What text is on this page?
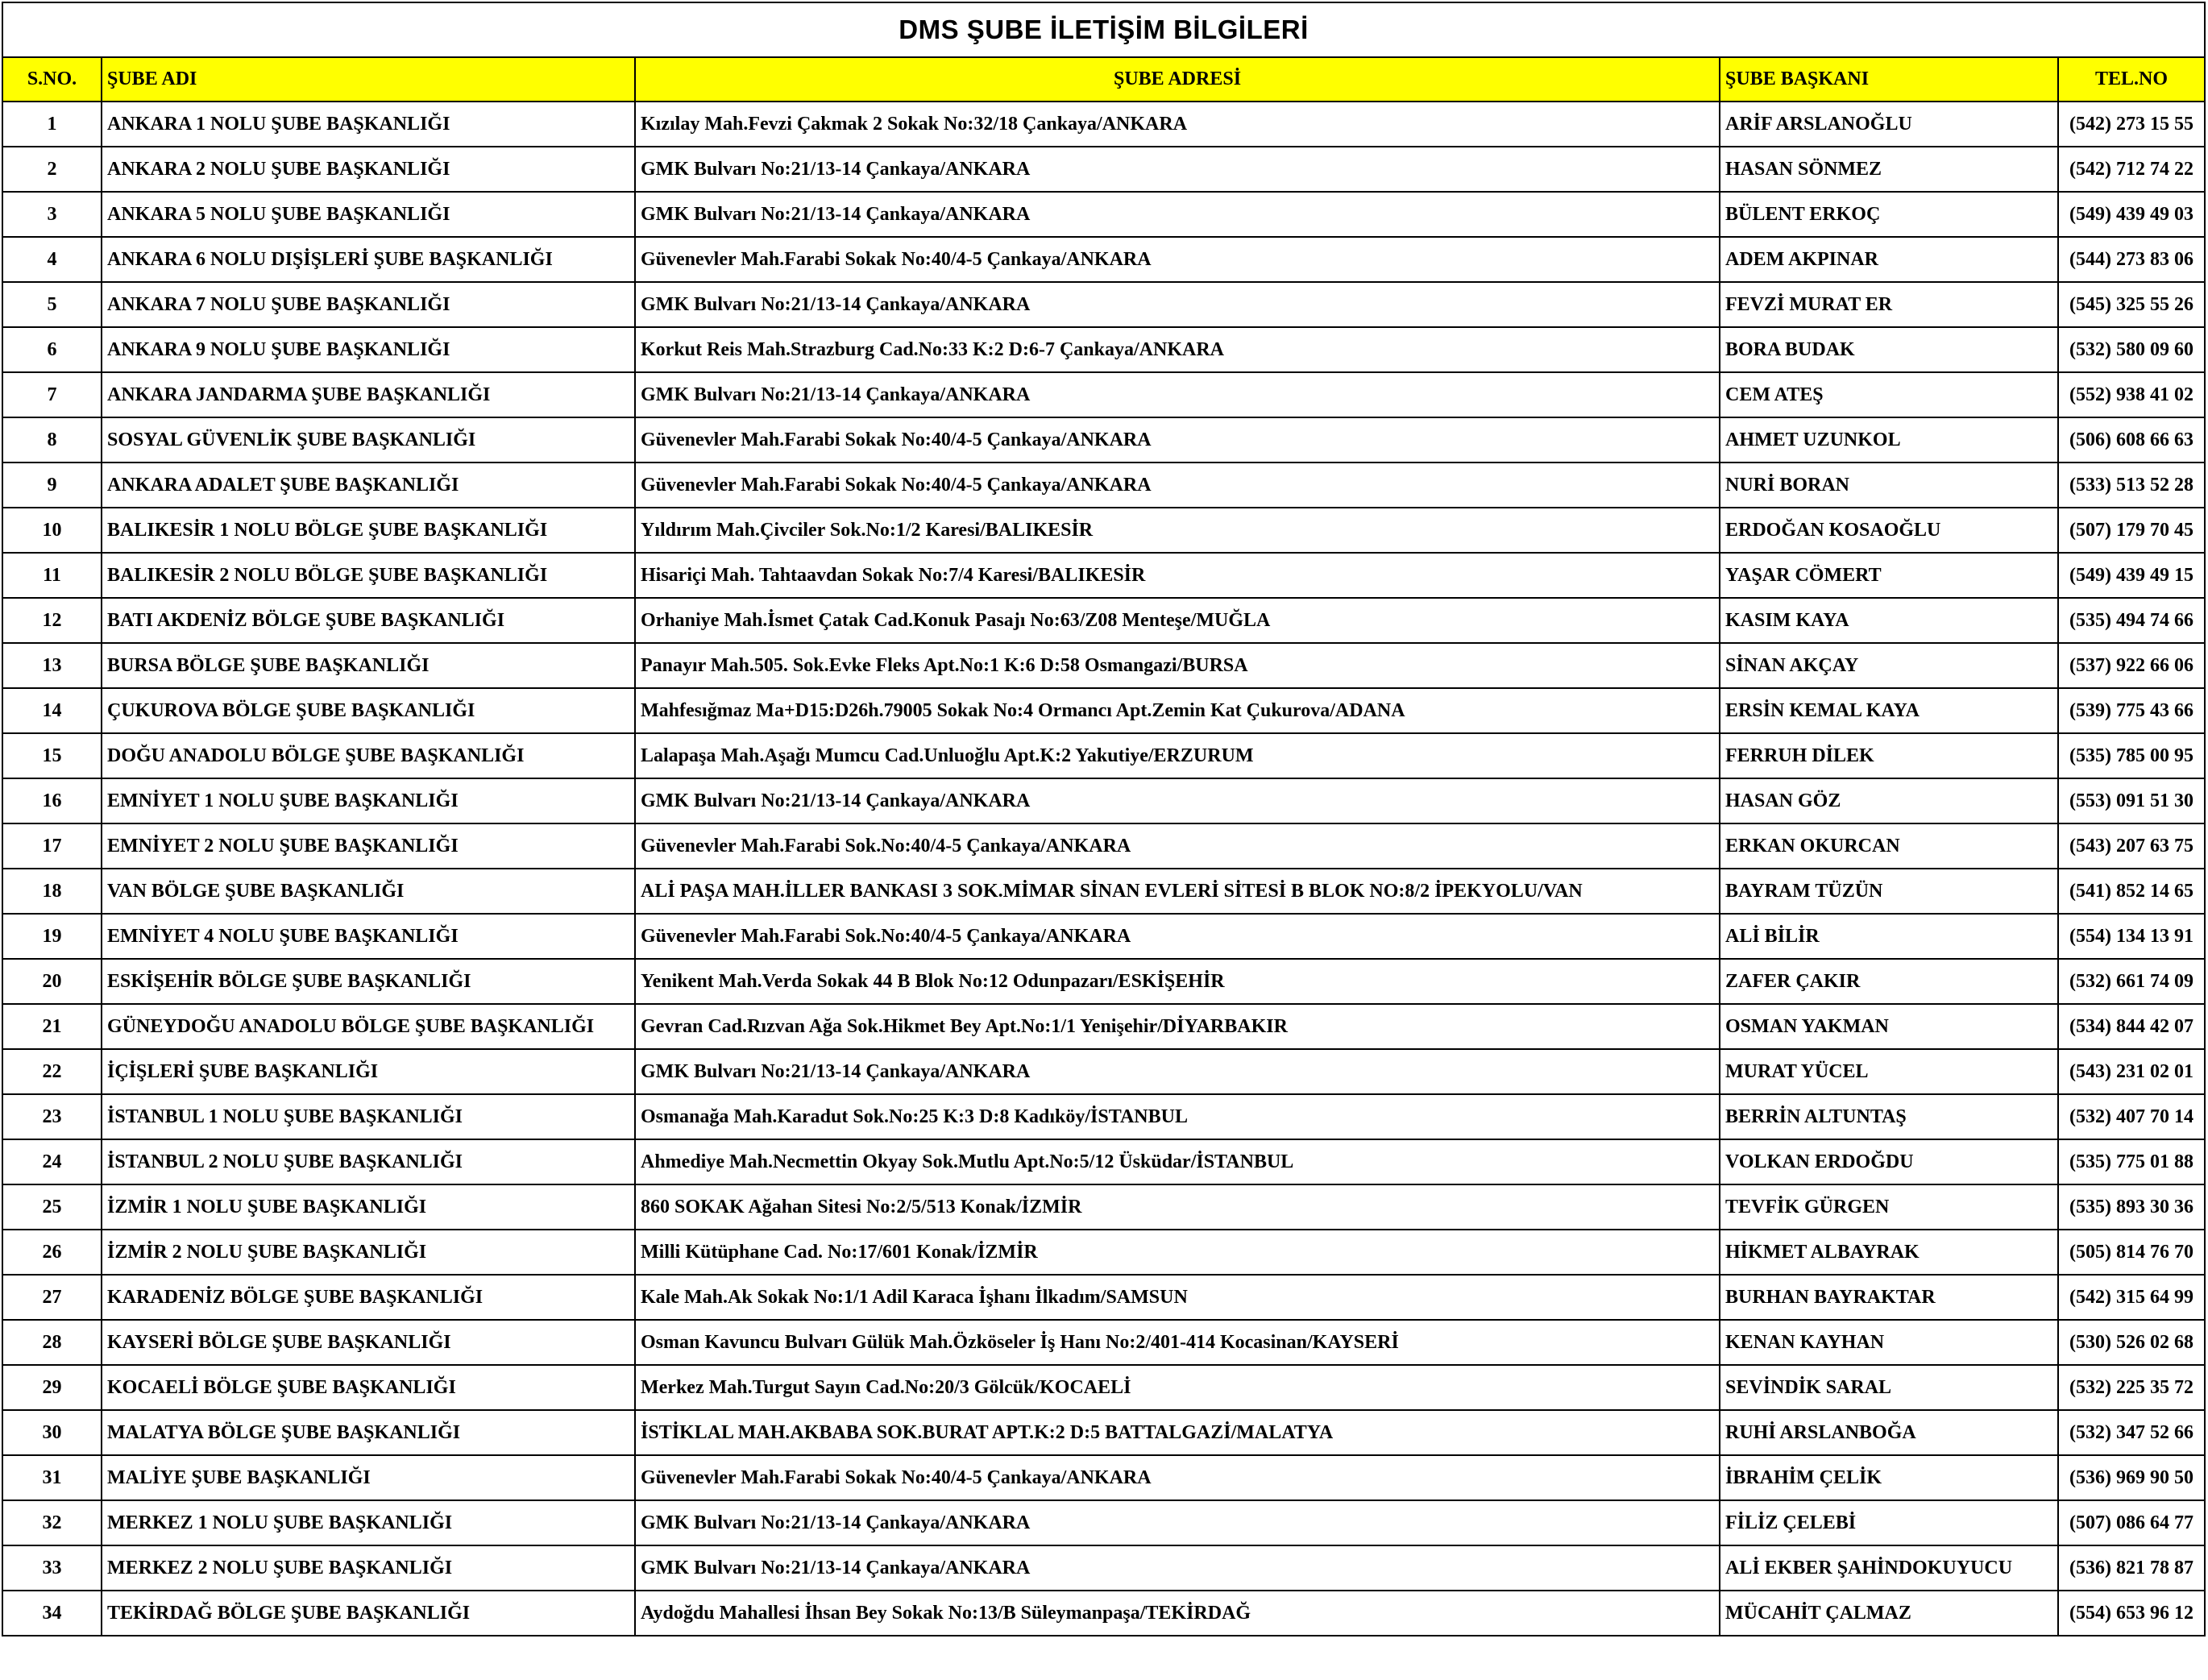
DMS ŞUBE İLETİŞİM BİLGİLERİ				
S.NO.	ŞUBE ADI	ŞUBE ADRESİ	ŞUBE BAŞKANI	TEL.NO
1	ANKARA 1 NOLU ŞUBE BAŞKANLIĞI	Kızılay Mah.Fevzi Çakmak 2 Sokak No:32/18 Çankaya/ANKARA	ARİF ARSLANOĞLU	(542) 273 15 55
2	ANKARA 2 NOLU ŞUBE BAŞKANLIĞI	GMK Bulvarı No:21/13-14 Çankaya/ANKARA	HASAN SÖNMEZ	(542) 712 74 22
3	ANKARA 5 NOLU ŞUBE BAŞKANLIĞI	GMK Bulvarı No:21/13-14 Çankaya/ANKARA	BÜLENT ERKOÇ	(549) 439 49 03
4	ANKARA 6 NOLU DIŞİŞLERİ ŞUBE BAŞKANLIĞI	Güvenevler Mah.Farabi Sokak No:40/4-5 Çankaya/ANKARA	ADEM AKPINAR	(544) 273 83 06
5	ANKARA 7 NOLU ŞUBE BAŞKANLIĞI	GMK Bulvarı No:21/13-14 Çankaya/ANKARA	FEVZİ MURAT ER	(545) 325 55 26
6	ANKARA 9 NOLU ŞUBE BAŞKANLIĞI	Korkut Reis Mah.Strazburg Cad.No:33 K:2 D:6-7 Çankaya/ANKARA	BORA BUDAK	(532) 580 09 60
7	ANKARA JANDARMA ŞUBE BAŞKANLIĞI	GMK Bulvarı No:21/13-14 Çankaya/ANKARA	CEM ATEŞ	(552) 938 41 02
8	SOSYAL GÜVENLİK ŞUBE BAŞKANLIĞI	Güvenevler Mah.Farabi Sokak No:40/4-5 Çankaya/ANKARA	AHMET UZUNKOL	(506) 608 66 63
9	ANKARA ADALET ŞUBE BAŞKANLIĞI	Güvenevler Mah.Farabi Sokak No:40/4-5 Çankaya/ANKARA	NURİ BORAN	(533) 513 52 28
10	BALIKESİR 1 NOLU BÖLGE ŞUBE BAŞKANLIĞI	Yıldırım Mah.Çivciler Sok.No:1/2 Karesi/BALIKESİR	ERDOĞAN KOSAOĞLU	(507) 179 70 45
11	BALIKESİR 2 NOLU BÖLGE ŞUBE BAŞKANLIĞI	Hisariçi Mah. Tahtaavdan Sokak No:7/4 Karesi/BALIKESİR	YAŞAR CÖMERT	(549) 439 49 15
12	BATI AKDENİZ BÖLGE ŞUBE BAŞKANLIĞI	Orhaniye Mah.İsmet Çatak Cad.Konuk Pasajı No:63/Z08 Menteşe/MUĞLA	KASIM KAYA	(535) 494 74 66
13	BURSA BÖLGE ŞUBE BAŞKANLIĞI	Panayır Mah.505. Sok.Evke Fleks Apt.No:1 K:6 D:58 Osmangazi/BURSA	SİNAN AKÇAY	(537) 922 66 06
14	ÇUKUROVA BÖLGE ŞUBE BAŞKANLIĞI	Mahfesığmaz Ma+D15:D26h.79005 Sokak No:4 Ormancı Apt.Zemin Kat Çukurova/ADANA	ERSİN KEMAL KAYA	(539) 775 43 66
15	DOĞU ANADOLU BÖLGE ŞUBE BAŞKANLIĞI	Lalapaşa Mah.Aşağı Mumcu Cad.Unluoğlu Apt.K:2 Yakutiye/ERZURUM	FERRUH DİLEK	(535) 785 00 95
16	EMNİYET 1 NOLU ŞUBE BAŞKANLIĞI	GMK Bulvarı No:21/13-14 Çankaya/ANKARA	HASAN GÖZ	(553) 091 51 30
17	EMNİYET 2 NOLU ŞUBE BAŞKANLIĞI	Güvenevler Mah.Farabi Sok.No:40/4-5 Çankaya/ANKARA	ERKAN OKURCAN	(543) 207 63 75
18	VAN BÖLGE ŞUBE BAŞKANLIĞI	ALİ PAŞA MAH.İLLER BANKASI 3 SOK.MİMAR SİNAN EVLERİ SİTESİ B BLOK NO:8/2 İPEKYOLU/VAN	BAYRAM TÜZÜN	(541) 852 14 65
19	EMNİYET 4 NOLU ŞUBE BAŞKANLIĞI	Güvenevler Mah.Farabi Sok.No:40/4-5 Çankaya/ANKARA	ALİ BİLİR	(554) 134 13 91
20	ESKİŞEHİR BÖLGE ŞUBE BAŞKANLIĞI	Yenikent Mah.Verda Sokak 44 B Blok No:12 Odunpazarı/ESKİŞEHİR	ZAFER ÇAKIR	(532) 661 74 09
21	GÜNEYDOĞU ANADOLU BÖLGE ŞUBE BAŞKANLIĞI	Gevran Cad.Rızvan Ağa Sok.Hikmet Bey Apt.No:1/1 Yenişehir/DİYARBAKIR	OSMAN YAKMAN	(534) 844 42 07
22	İÇİŞLERİ ŞUBE BAŞKANLIĞI	GMK Bulvarı No:21/13-14 Çankaya/ANKARA	MURAT YÜCEL	(543) 231 02 01
23	İSTANBUL 1 NOLU ŞUBE BAŞKANLIĞI	Osmanağa Mah.Karadut Sok.No:25 K:3 D:8 Kadıköy/İSTANBUL	BERRİN ALTUNTAŞ	(532) 407 70 14
24	İSTANBUL 2 NOLU ŞUBE BAŞKANLIĞI	Ahmediye Mah.Necmettin Okyay Sok.Mutlu Apt.No:5/12 Üsküdar/İSTANBUL	VOLKAN ERDOĞDU	(535) 775 01 88
25	İZMİR 1 NOLU ŞUBE BAŞKANLIĞI	860 SOKAK Ağahan Sitesi No:2/5/513 Konak/İZMİR	TEVFİK GÜRGEN	(535) 893 30 36
26	İZMİR 2 NOLU ŞUBE BAŞKANLIĞI	Milli Kütüphane Cad. No:17/601 Konak/İZMİR	HİKMET ALBAYRAK	(505) 814 76 70
27	KARADENİZ BÖLGE ŞUBE BAŞKANLIĞI	Kale Mah.Ak Sokak No:1/1 Adil Karaca İşhanı İlkadım/SAMSUN	BURHAN BAYRAKTAR	(542) 315 64 99
28	KAYSERİ BÖLGE ŞUBE BAŞKANLIĞI	Osman Kavuncu Bulvarı Gülük Mah.Özköseler İş Hanı No:2/401-414 Kocasinan/KAYSERİ	KENAN KAYHAN	(530) 526 02 68
29	KOCAELİ BÖLGE ŞUBE BAŞKANLIĞI	Merkez Mah.Turgut Sayın Cad.No:20/3 Gölcük/KOCAELİ	SEVİNDİK SARAL	(532) 225 35 72
30	MALATYA BÖLGE ŞUBE BAŞKANLIĞI	İSTİKLAL MAH.AKBABA SOK.BURAT APT.K:2 D:5 BATTALGAZİ/MALATYA	RUHİ ARSLANBOĞA	(532) 347 52 66
31	MALİYE ŞUBE BAŞKANLIĞI	Güvenevler Mah.Farabi Sokak No:40/4-5 Çankaya/ANKARA	İBRAHİM ÇELİK	(536) 969 90 50
32	MERKEZ 1 NOLU ŞUBE BAŞKANLIĞI	GMK Bulvarı No:21/13-14 Çankaya/ANKARA	FİLİZ ÇELEBİ	(507) 086 64 77
33	MERKEZ 2 NOLU ŞUBE BAŞKANLIĞI	GMK Bulvarı No:21/13-14 Çankaya/ANKARA	ALİ EKBER ŞAHİNDOKUYUCU	(536) 821 78 87
34	TEKİRDAĞ BÖLGE ŞUBE BAŞKANLIĞI	Aydoğdu Mahallesi İhsan Bey Sokak No:13/B Süleymanpaşa/TEKİRDAĞ	MÜCAHİT ÇALMAZ	(554) 653 96 12
